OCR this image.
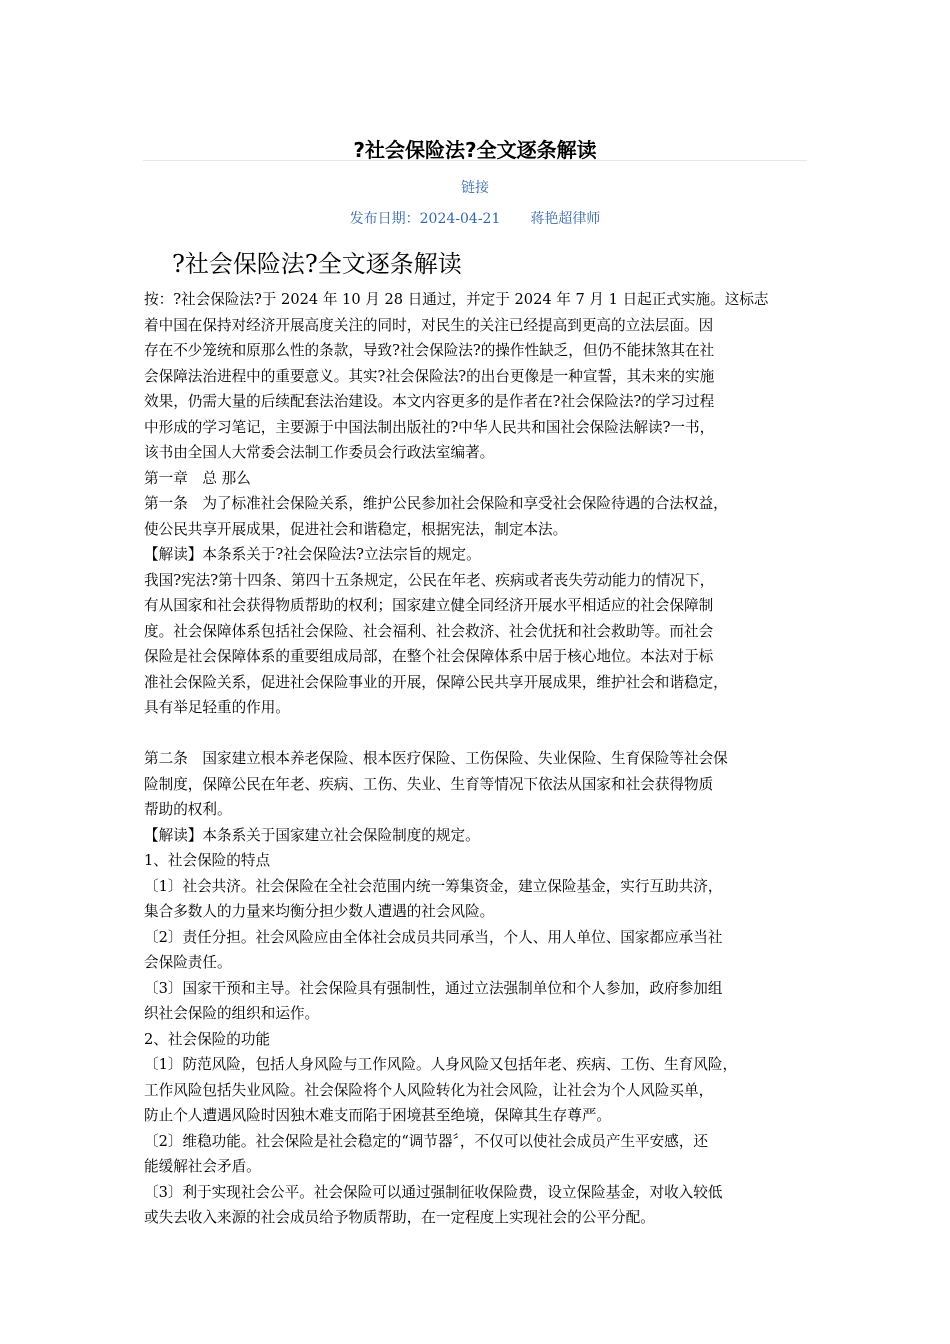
?社会保险法?全文逐条解读
链接
发布日期：2024-04-21 蒋艳超律师
?社会保险法?全文逐条解读
按：?社会保险法?于 2024 年 10 月 28 日通过，并定于 2024 年 7 月 1 日起正式实施。这标志
着中国在保持对经济开展高度关注的同时，对民生的关注已经提高到更高的立法层面。因
存在不少笼统和原那么性的条款，导致?社会保险法?的操作性缺乏，但仍不能抹煞其在社
会保障法治进程中的重要意义。其实?社会保险法?的出台更像是一种宣誓，其未来的实施
效果，仍需大量的后续配套法治建设。本文内容更多的是作者在?社会保险法?的学习过程
中形成的学习笔记，主要源于中国法制出版社的?中华人民共和国社会保险法解读?一书，
该书由全国人大常委会法制工作委员会行政法室编著。
第一章　总 那么
第一条　为了标准社会保险关系，维护公民参加社会保险和享受社会保险待遇的合法权益，
使公民共享开展成果，促进社会和谐稳定，根据宪法，制定本法。
【解读】本条系关于?社会保险法?立法宗旨的规定。
我国?宪法?第十四条、第四十五条规定，公民在年老、疾病或者丧失劳动能力的情况下，
有从国家和社会获得物质帮助的权利；国家建立健全同经济开展水平相适应的社会保障制
度。社会保障体系包括社会保险、社会福利、社会救济、社会优抚和社会救助等。而社会
保险是社会保障体系的重要组成局部，在整个社会保障体系中居于核心地位。本法对于标
准社会保险关系，促进社会保险事业的开展，保障公民共享开展成果，维护社会和谐稳定，
具有举足轻重的作用。
第二条　国家建立根本养老保险、根本医疗保险、工伤保险、失业保险、生育保险等社会保
险制度，保障公民在年老、疾病、工伤、失业、生育等情况下依法从国家和社会获得物质
帮助的权利。
【解读】本条系关于国家建立社会保险制度的规定。
1、社会保险的特点
〔1〕社会共济。社会保险在全社会范围内统一筹集资金，建立保险基金，实行互助共济，
集合多数人的力量来均衡分担少数人遭遇的社会风险。
〔2〕责任分担。社会风险应由全体社会成员共同承当，个人、用人单位、国家都应承当社
会保险责任。
〔3〕国家干预和主导。社会保险具有强制性，通过立法强制单位和个人参加，政府参加组
织社会保险的组织和运作。
2、社会保险的功能
〔1〕防范风险，包括人身风险与工作风险。人身风险又包括年老、疾病、工伤、生育风险，
工作风险包括失业风险。社会保险将个人风险转化为社会风险，让社会为个人风险买单，
防止个人遭遇风险时因独木难支而陷于困境甚至绝境，保障其生存尊严。
〔2〕维稳功能。社会保险是社会稳定的“调节器〞，不仅可以使社会成员产生平安感，还
能缓解社会矛盾。
〔3〕利于实现社会公平。社会保险可以通过强制征收保险费，设立保险基金，对收入较低
或失去收入来源的社会成员给予物质帮助，在一定程度上实现社会的公平分配。
